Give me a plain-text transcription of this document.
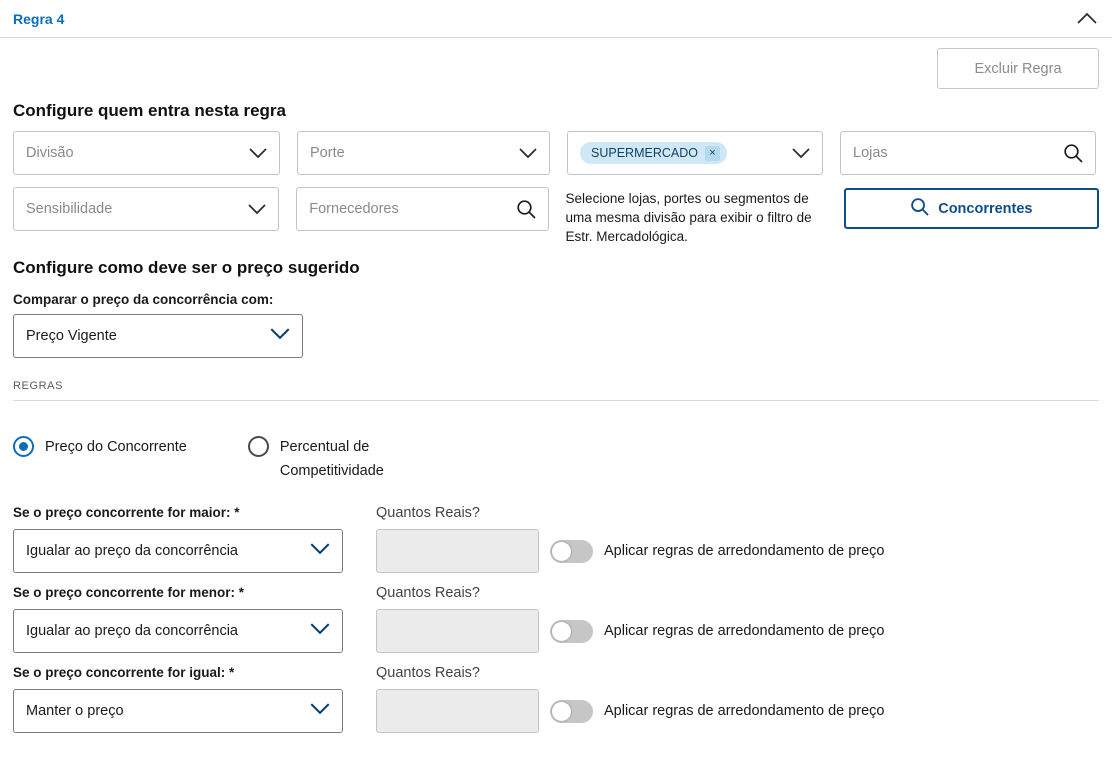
Regra 4
Excluir Regra
Configure quem entra nesta regra
Divisão	Porte	SUPERMERCADO	×	Lojas
Sensibilidade	Fornecedores
Selecione lojas, portes ou segmentos de uma mesma divisão para exibir o filtro de Estr. Mercadológica.
Concorrentes
Configure como deve ser o preço sugerido
Comparar o preço da concorrência com:
Preço Vigente
REGRAS
Preço do Concorrente	Percentual de Competitividade
Se o preço concorrente for maior: *
Igualar ao preço da concorrência
Quantos Reais?
Aplicar regras de arredondamento de preço
Se o preço concorrente for menor: *
Igualar ao preço da concorrência
Quantos Reais?
Aplicar regras de arredondamento de preço
Se o preço concorrente for igual: *
Manter o preço
Quantos Reais?
Aplicar regras de arredondamento de preço
